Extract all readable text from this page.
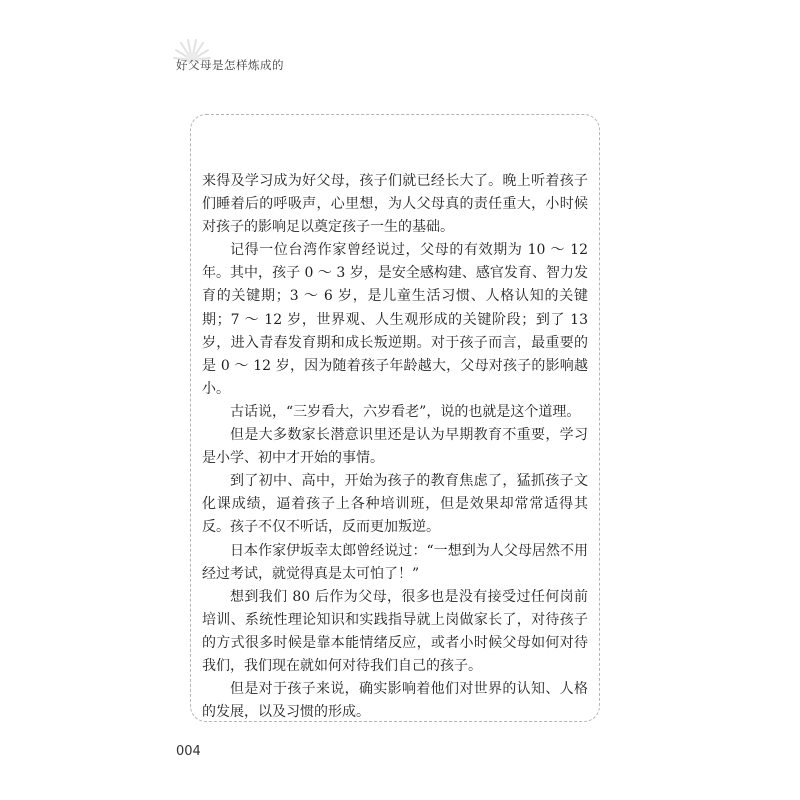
好父母是怎样炼成的

来得及学习成为好父母，孩子们就已经长大了。晚上听着孩子们睡着后的呼吸声，心里想，为人父母真的责任重大，小时候对孩子的影响足以奠定孩子一生的基础。

记得一位台湾作家曾经说过，父母的有效期为 10 ～ 12 年。其中，孩子 0 ～ 3 岁，是安全感构建、感官发育、智力发育的关键期；3 ～ 6 岁，是儿童生活习惯、人格认知的关键期；7 ～ 12 岁，世界观、人生观形成的关键阶段；到了 13 岁，进入青春发育期和成长叛逆期。对于孩子而言，最重要的是 0 ～ 12 岁，因为随着孩子年龄越大，父母对孩子的影响越小。

古话说，“三岁看大，六岁看老”，说的也就是这个道理。

但是大多数家长潜意识里还是认为早期教育不重要，学习是小学、初中才开始的事情。

到了初中、高中，开始为孩子的教育焦虑了，猛抓孩子文化课成绩，逼着孩子上各种培训班，但是效果却常常适得其反。孩子不仅不听话，反而更加叛逆。

日本作家伊坂幸太郎曾经说过：“一想到为人父母居然不用经过考试，就觉得真是太可怕了！”

想到我们 80 后作为父母，很多也是没有接受过任何岗前培训、系统性理论知识和实践指导就上岗做家长了，对待孩子的方式很多时候是靠本能情绪反应，或者小时候父母如何对待我们，我们现在就如何对待我们自己的孩子。

但是对于孩子来说，确实影响着他们对世界的认知、人格的发展，以及习惯的形成。

004
